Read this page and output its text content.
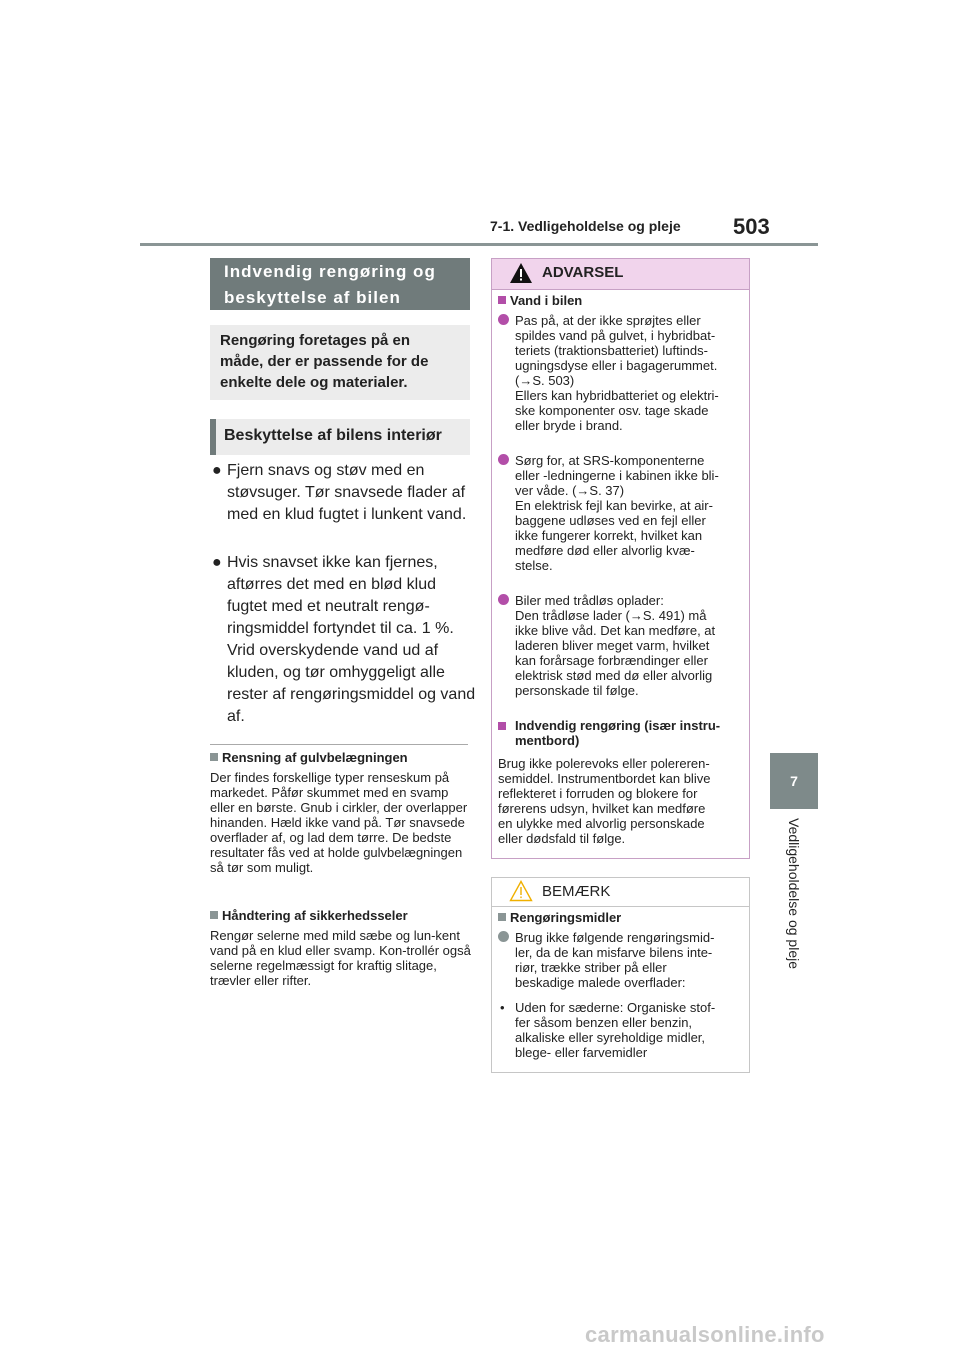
7-1. Vedligeholdelse og pleje 503
7
Vedligeholdelse og pleje
Indvendig rengøring og
beskyttelse af bilen
Rengøring foretages på en
måde, der er passende for de
enkelte dele og materialer.
Beskyttelse af bilens interiør
● Fjern snavs og støv med en støvsuger. Tør snavsede flader af med en klud fugtet i lunkent vand.
● Hvis snavset ikke kan fjernes, aftørres det med en blød klud fugtet med et neutralt rengø-ringsmiddel fortyndet til ca. 1 %. Vrid overskydende vand ud af kluden, og tør omhyggeligt alle rester af rengøringsmiddel og vand af.
Rensning af gulvbelægningen
Der findes forskellige typer renseskum på markedet. Påfør skummet med en svamp eller en børste. Gnub i cirkler, der overlapper hinanden. Hæld ikke vand på. Tør snavsede overflader af, og lad dem tørre. De bedste resultater fås ved at holde gulvbelægningen så tør som muligt.
Håndtering af sikkerhedsseler
Rengør selerne med mild sæbe og lun-kent vand på en klud eller svamp. Kon-trollér også selerne regelmæssigt for kraftig slitage, trævler eller rifter.
ADVARSEL
Vand i bilen
Pas på, at der ikke sprøjtes eller
spildes vand på gulvet, i hybridbat-
teriets (traktionsbatteriet) luftinds-
ugningsdyse eller i bagagerummet.
(→S. 503)
Ellers kan hybridbatteriet og elektri-
ske komponenter osv. tage skade
eller bryde i brand.
Sørg for, at SRS-komponenterne
eller -ledningerne i kabinen ikke bli-
ver våde. (→S. 37)
En elektrisk fejl kan bevirke, at air-
baggene udløses ved en fejl eller
ikke fungerer korrekt, hvilket kan
medføre død eller alvorlig kvæ-
stelse.
Biler med trådløs oplader:
Den trådløse lader (→S. 491) må
ikke blive våd. Det kan medføre, at
laderen bliver meget varm, hvilket
kan forårsage forbrændinger eller
elektrisk stød med dø eller alvorlig
personskade til følge.
Indvendig rengøring (især instru-
mentbord)
Brug ikke polerevoks eller polereren-
semiddel. Instrumentbordet kan blive
reflekteret i forruden og blokere for
førerens udsyn, hvilket kan medføre
en ulykke med alvorlig personskade
eller dødsfald til følge.
BEMÆRK
Rengøringsmidler
Brug ikke følgende rengøringsmid-
ler, da de kan misfarve bilens inte-
riør, trække striber på eller
beskadige malede overflader:
• Uden for sæderne: Organiske stof-
fer såsom benzen eller benzin,
alkaliske eller syreholdige midler,
blege- eller farvemidler
carmanualsonline.info
